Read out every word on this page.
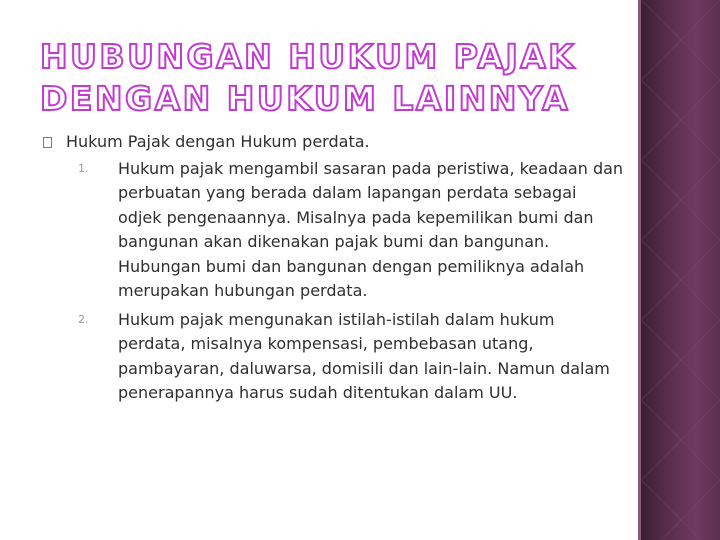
HUBUNGAN HUKUM PAJAK DENGAN HUKUM LAINNYA
Hukum Pajak dengan Hukum perdata.
1. Hukum pajak mengambil sasaran pada peristiwa, keadaan dan perbuatan yang berada dalam lapangan perdata sebagai odjek pengenaannya. Misalnya pada kepemilikan bumi dan bangunan akan dikenakan pajak bumi dan bangunan. Hubungan bumi dan bangunan dengan pemiliknya adalah merupakan hubungan perdata.
2. Hukum pajak mengunakan istilah-istilah dalam hukum perdata, misalnya kompensasi, pembebasan utang, pambayaran, daluwarsa, domisili dan lain-lain. Namun dalam penerapannya harus sudah ditentukan dalam UU.
